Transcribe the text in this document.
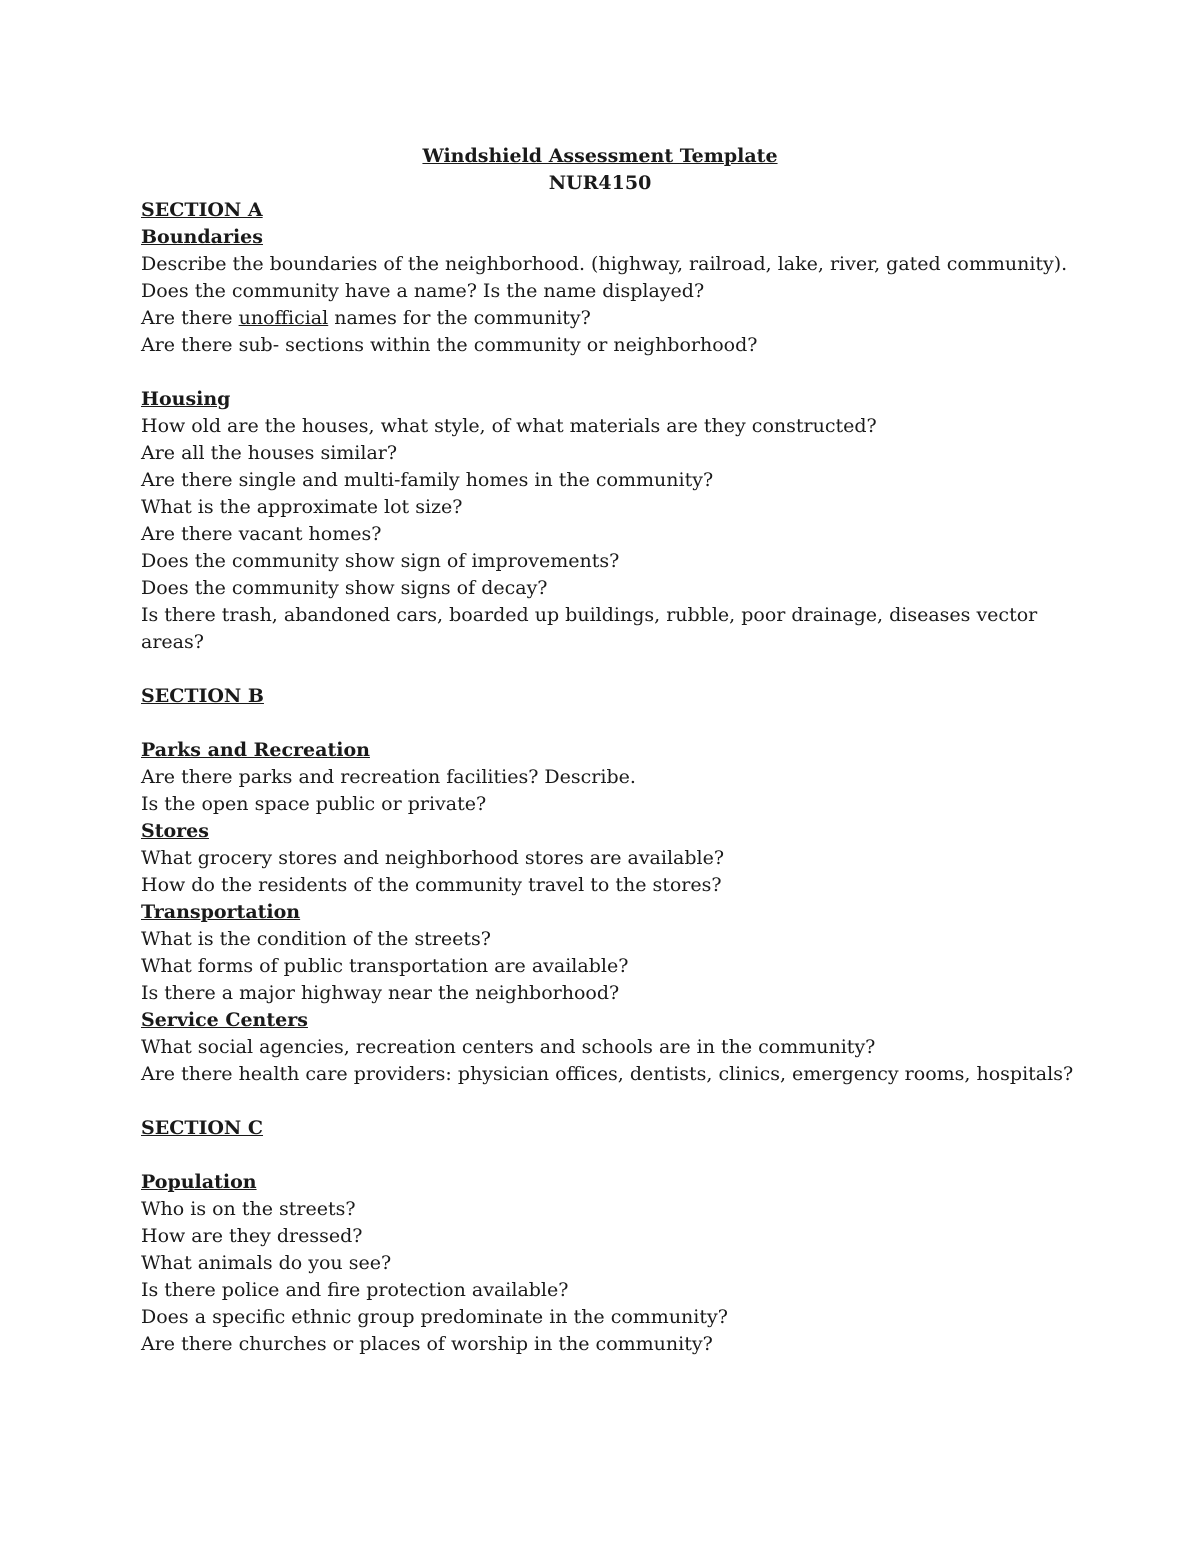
Windshield Assessment Template
NUR4150
SECTION A
Boundaries
Describe the boundaries of the neighborhood. (highway, railroad, lake, river, gated community).
Does the community have a name? Is the name displayed?
Are there unofficial names for the community?
Are there sub- sections within the community or neighborhood?
Housing
How old are the houses, what style, of what materials are they constructed?
Are all the houses similar?
Are there single and multi-family homes in the community?
What is the approximate lot size?
Are there vacant homes?
Does the community show sign of improvements?
Does the community show signs of decay?
Is there trash, abandoned cars, boarded up buildings, rubble, poor drainage, diseases vector areas?
SECTION B
Parks and Recreation
Are there parks and recreation facilities? Describe.
Is the open space public or private?
Stores
What grocery stores and neighborhood stores are available?
How do the residents of the community travel to the stores?
Transportation
What is the condition of the streets?
What forms of public transportation are available?
Is there a major highway near the neighborhood?
Service Centers
What social agencies, recreation centers and schools are in the community?
Are there health care providers: physician offices, dentists, clinics, emergency rooms, hospitals?
SECTION C
Population
Who is on the streets?
How are they dressed?
What animals do you see?
Is there police and fire protection available?
Does a specific ethnic group predominate in the community?
Are there churches or places of worship in the community?
